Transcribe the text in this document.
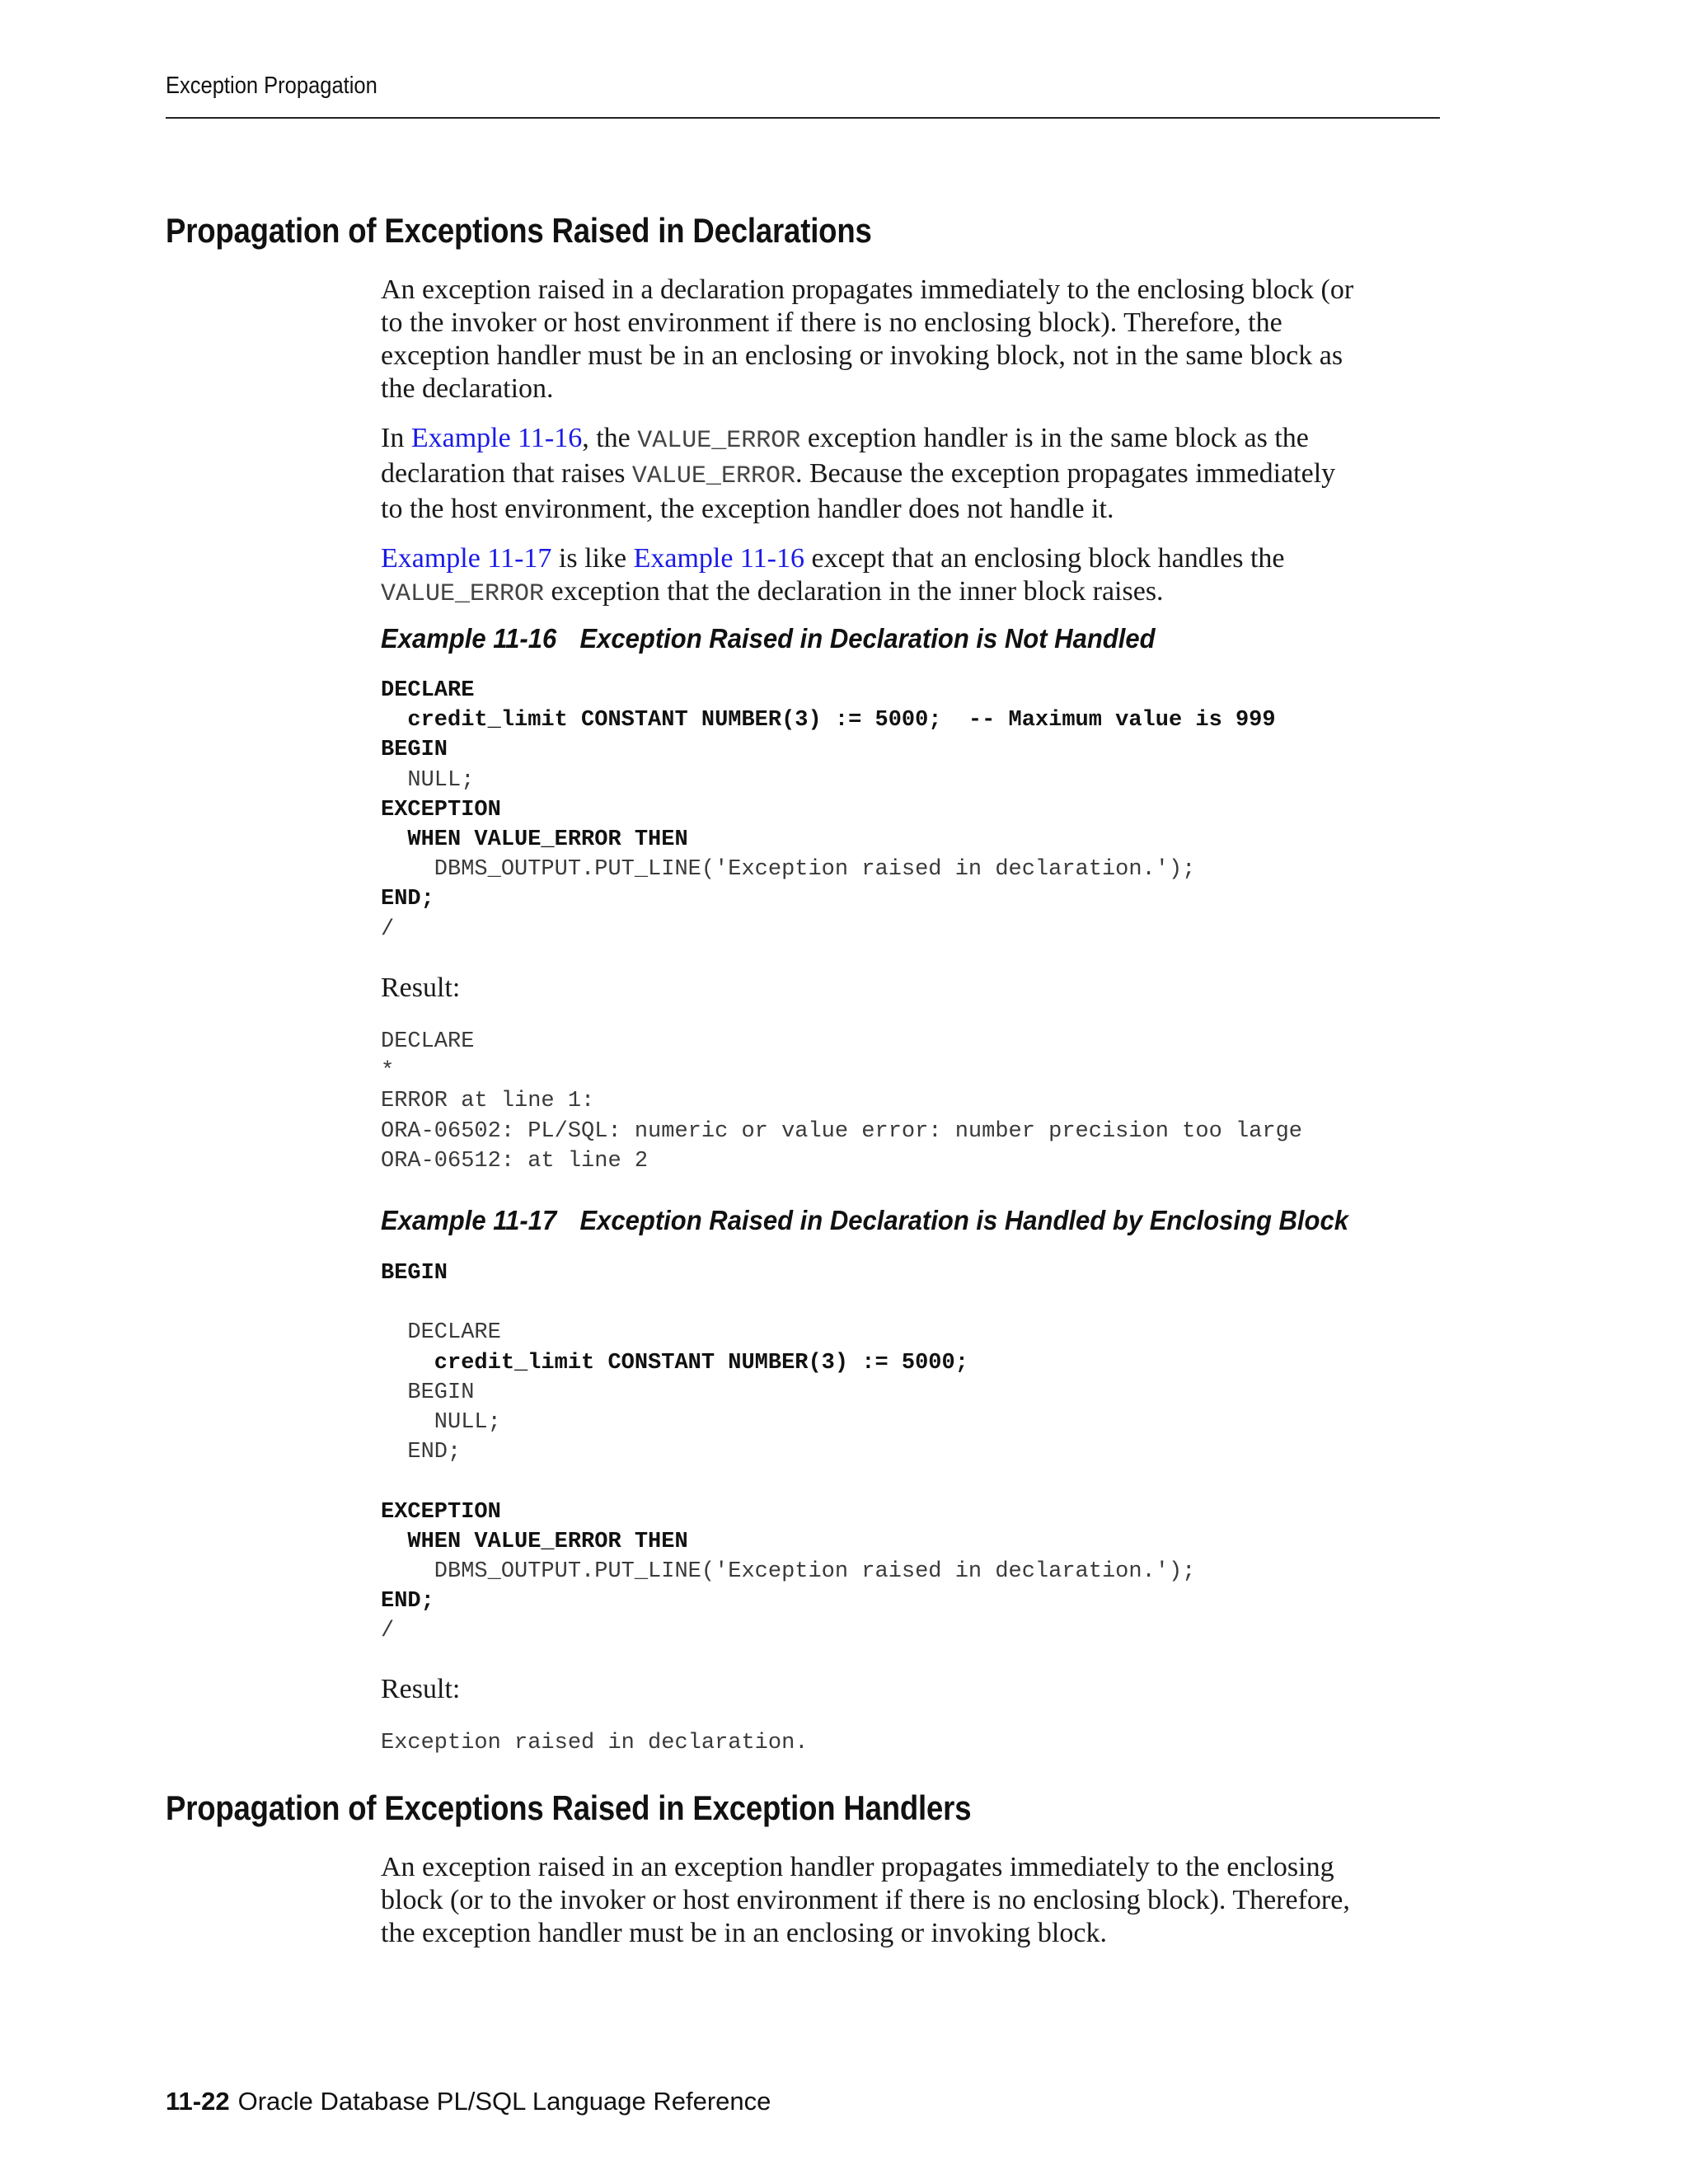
Exception Propagation
Propagation of Exceptions Raised in Declarations

An exception raised in a declaration propagates immediately to the enclosing block (or
to the invoker or host environment if there is no enclosing block). Therefore, the
exception handler must be in an enclosing or invoking block, not in the same block as
the declaration.

In Example 11-16, the VALUE_ERROR exception handler is in the same block as the
declaration that raises VALUE_ERROR. Because the exception propagates immediately
to the host environment, the exception handler does not handle it.

Example 11-17 is like Example 11-16 except that an enclosing block handles the
VALUE_ERROR exception that the declaration in the inner block raises.

Example 11-16 Exception Raised in Declaration is Not Handled
DECLARE
credit_limit CONSTANT NUMBER(3) := 5000;  -- Maximum value is 999
BEGIN
NULL;
EXCEPTION
WHEN VALUE_ERROR THEN
DBMS_OUTPUT.PUT_LINE('Exception raised in declaration.');
END;
/
Result:
DECLARE
*
ERROR at line 1:
ORA-06502: PL/SQL: numeric or value error: number precision too large
ORA-06512: at line 2
Example 11-17 Exception Raised in Declaration is Handled by Enclosing Block
BEGIN

DECLARE
credit_limit CONSTANT NUMBER(3) := 5000;
BEGIN
NULL;
END;

EXCEPTION
WHEN VALUE_ERROR THEN
DBMS_OUTPUT.PUT_LINE('Exception raised in declaration.');
END;
/
Result:
Exception raised in declaration.
Propagation of Exceptions Raised in Exception Handlers

An exception raised in an exception handler propagates immediately to the enclosing
block (or to the invoker or host environment if there is no enclosing block). Therefore,
the exception handler must be in an enclosing or invoking block.

11-22 Oracle Database PL/SQL Language Reference
